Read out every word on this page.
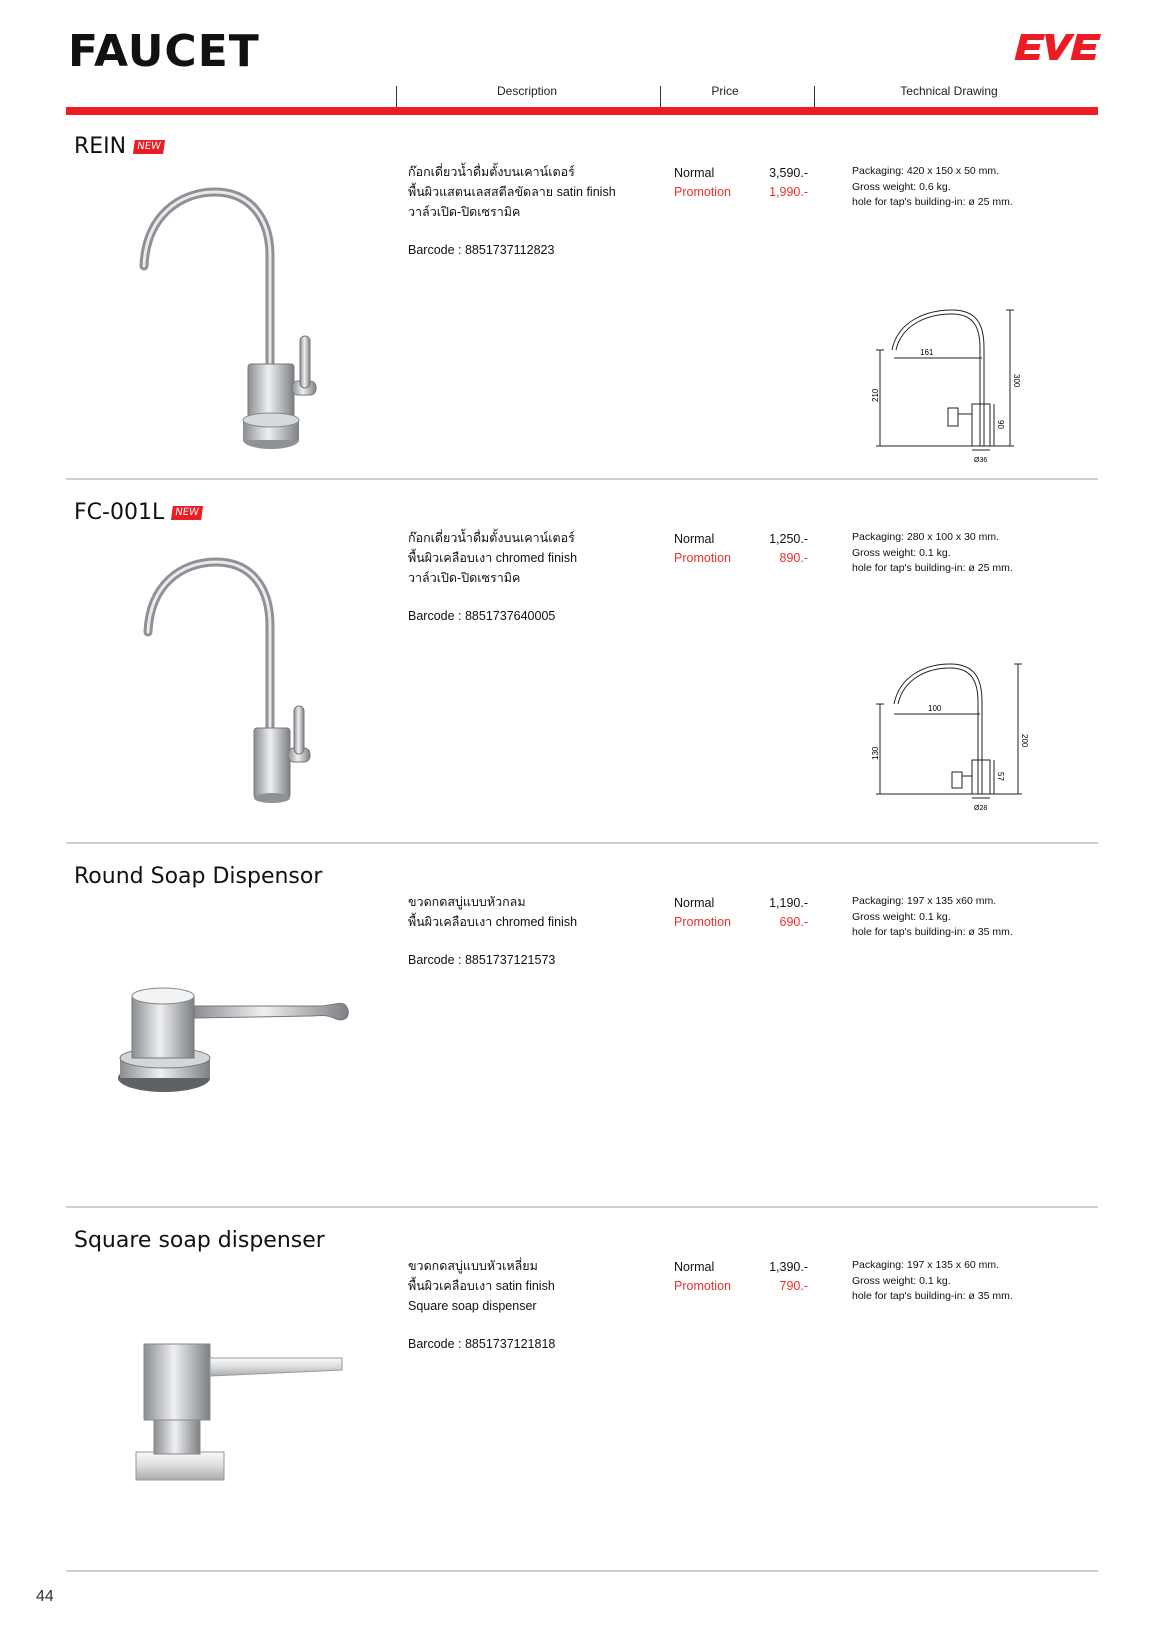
FAUCET
Description	Price	Technical Drawing
REIN NEW
ก๊อกเดี่ยวน้ำดื่มตั้งบนเคาน์เตอร์
พื้นผิวแสตนเลสสตีลขัดลาย satin finish
วาล์วเปิด-ปิดเซรามิค
Barcode : 8851737112823
Normal
Promotion
3,590.-
1,990.-
Packaging: 420 x 150 x 50 mm.
Gross weight: 0.6 kg.
hole for tap's building-in: ø 25 mm.
161
300
210
90
Ø36
FC-001L NEW
ก๊อกเดี่ยวน้ำดื่มตั้งบนเคาน์เตอร์
พื้นผิวเคลือบเงา chromed finish
วาล์วเปิด-ปิดเซรามิค
Barcode : 8851737640005
Normal
Promotion
1,250.-
890.-
Packaging: 280 x 100 x 30 mm.
Gross weight: 0.1 kg.
hole for tap's building-in: ø 25 mm.
100
200
130
57
Ø28
Round Soap Dispensor
ขวดกดสบู่แบบหัวกลม
พื้นผิวเคลือบเงา chromed finish
Barcode : 8851737121573
Normal
Promotion
1,190.-
690.-
Packaging: 197 x 135 x60 mm.
Gross weight: 0.1 kg.
hole for tap's building-in: ø 35 mm.
Square soap dispenser
ขวดกดสบู่แบบหัวเหลี่ยม
พื้นผิวเคลือบเงา satin finish
Square soap dispenser
Barcode : 8851737121818
Normal
Promotion
1,390.-
790.-
Packaging: 197 x 135 x 60 mm.
Gross weight: 0.1 kg.
hole for tap's building-in: ø 35 mm.
44
